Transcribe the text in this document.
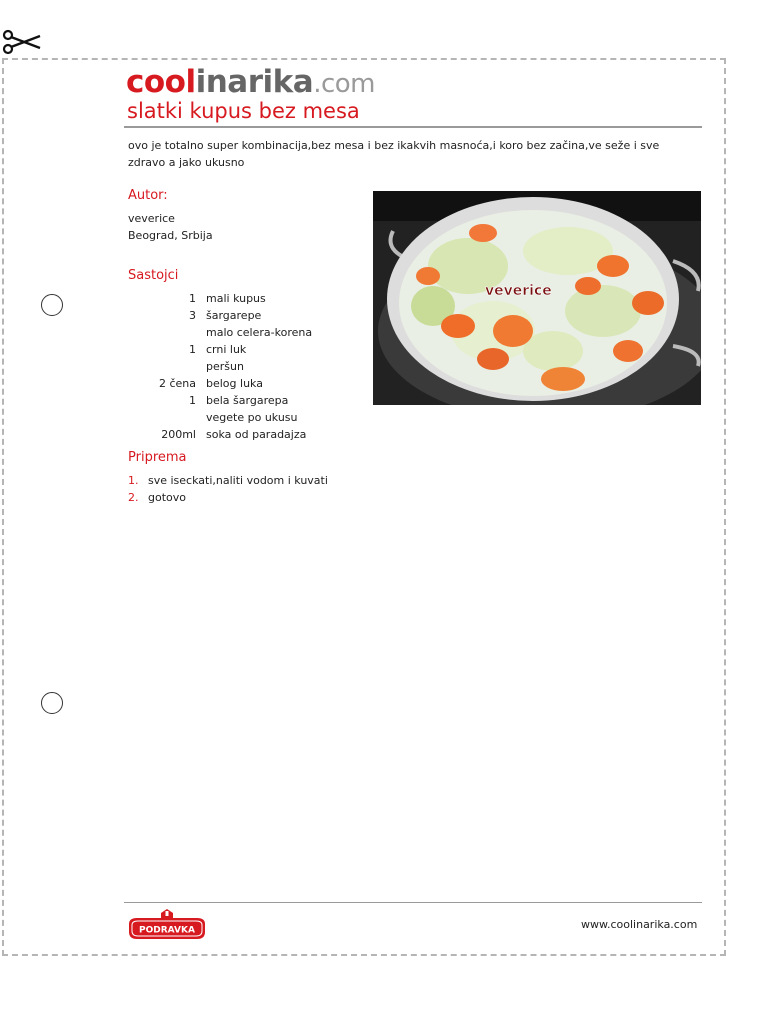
coolinarika.com
slatki kupus bez mesa
ovo je totalno super kombinacija,bez mesa i bez ikakvih masnoća,i koro bez začina,ve seže i sve zdravo a jako ukusno
Autor:
veverice
Beograd, Srbija
veverice
Sastojci
1 mali kupus
3 šargarepe
malo celera-korena
1 crni luk
peršun
2 čena belog luka
1 bela šargarepa
vegete po ukusu
200ml soka od paradajza
Priprema
1. sve iseckati,naliti vodom i kuvati
2. gotovo
PODRAVKA	www.coolinarika.com
